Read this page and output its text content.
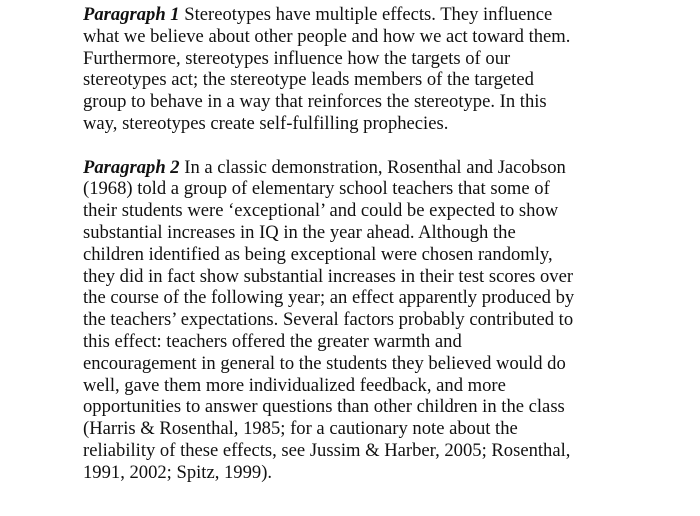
Paragraph 1 Stereotypes have multiple effects. They influence
what we believe about other people and how we act toward them.
Furthermore, stereotypes influence how the targets of our
stereotypes act; the stereotype leads members of the targeted
group to behave in a way that reinforces the stereotype. In this
way, stereotypes create self-fulfilling prophecies.

Paragraph 2 In a classic demonstration, Rosenthal and Jacobson
(1968) told a group of elementary school teachers that some of
their students were ‘exceptional’ and could be expected to show
substantial increases in IQ in the year ahead. Although the
children identified as being exceptional were chosen randomly,
they did in fact show substantial increases in their test scores over
the course of the following year; an effect apparently produced by
the teachers’ expectations. Several factors probably contributed to
this effect: teachers offered the greater warmth and
encouragement in general to the students they believed would do
well, gave them more individualized feedback, and more
opportunities to answer questions than other children in the class
(Harris & Rosenthal, 1985; for a cautionary note about the
reliability of these effects, see Jussim & Harber, 2005; Rosenthal,
1991, 2002; Spitz, 1999).
